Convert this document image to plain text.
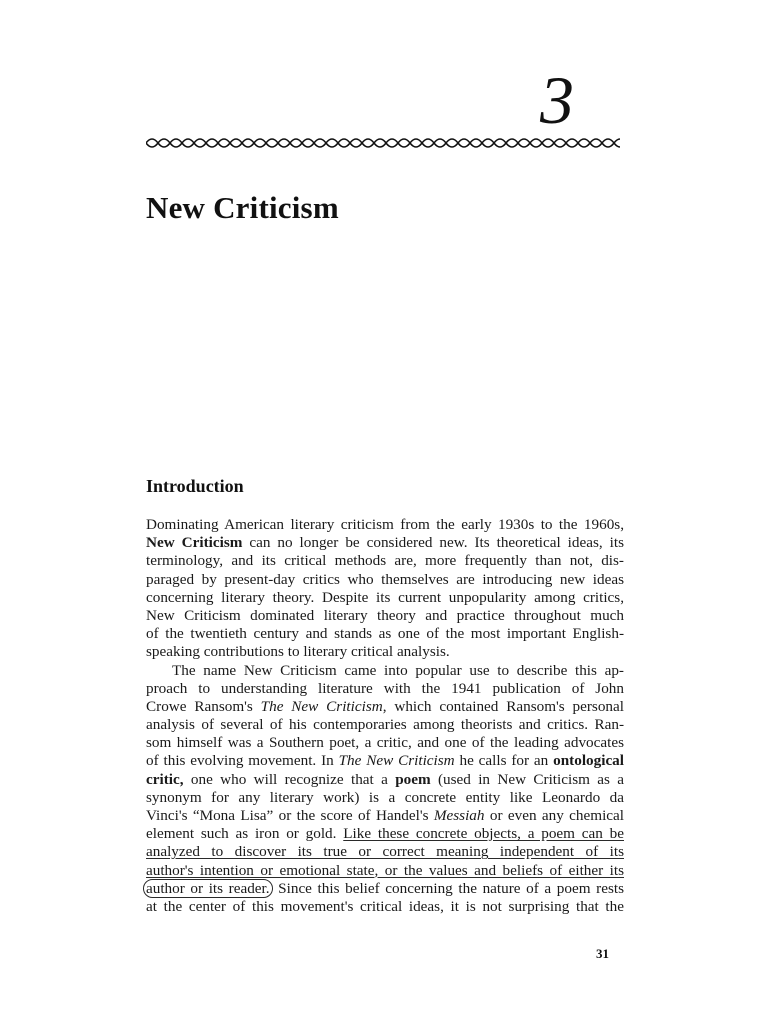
3
New Criticism
Introduction
Dominating American literary criticism from the early 1930s to the 1960s,
New Criticism can no longer be considered new. Its theoretical ideas, its
terminology, and its critical methods are, more frequently than not, dis-
paraged by present-day critics who themselves are introducing new ideas
concerning literary theory. Despite its current unpopularity among critics,
New Criticism dominated literary theory and practice throughout much
of the twentieth century and stands as one of the most important English-
speaking contributions to literary critical analysis.
The name New Criticism came into popular use to describe this ap-
proach to understanding literature with the 1941 publication of John
Crowe Ransom's The New Criticism, which contained Ransom's personal
analysis of several of his contemporaries among theorists and critics. Ran-
som himself was a Southern poet, a critic, and one of the leading advocates
of this evolving movement. In The New Criticism he calls for an ontological
critic, one who will recognize that a poem (used in New Criticism as a
synonym for any literary work) is a concrete entity like Leonardo da
Vinci's “Mona Lisa” or the score of Handel's Messiah or even any chemical
element such as iron or gold. Like these concrete objects, a poem can be
analyzed to discover its true or correct meaning independent of its
author's intention or emotional state, or the values and beliefs of either its
author or its reader. Since this belief concerning the nature of a poem rests
at the center of this movement's critical ideas, it is not surprising that the
31
